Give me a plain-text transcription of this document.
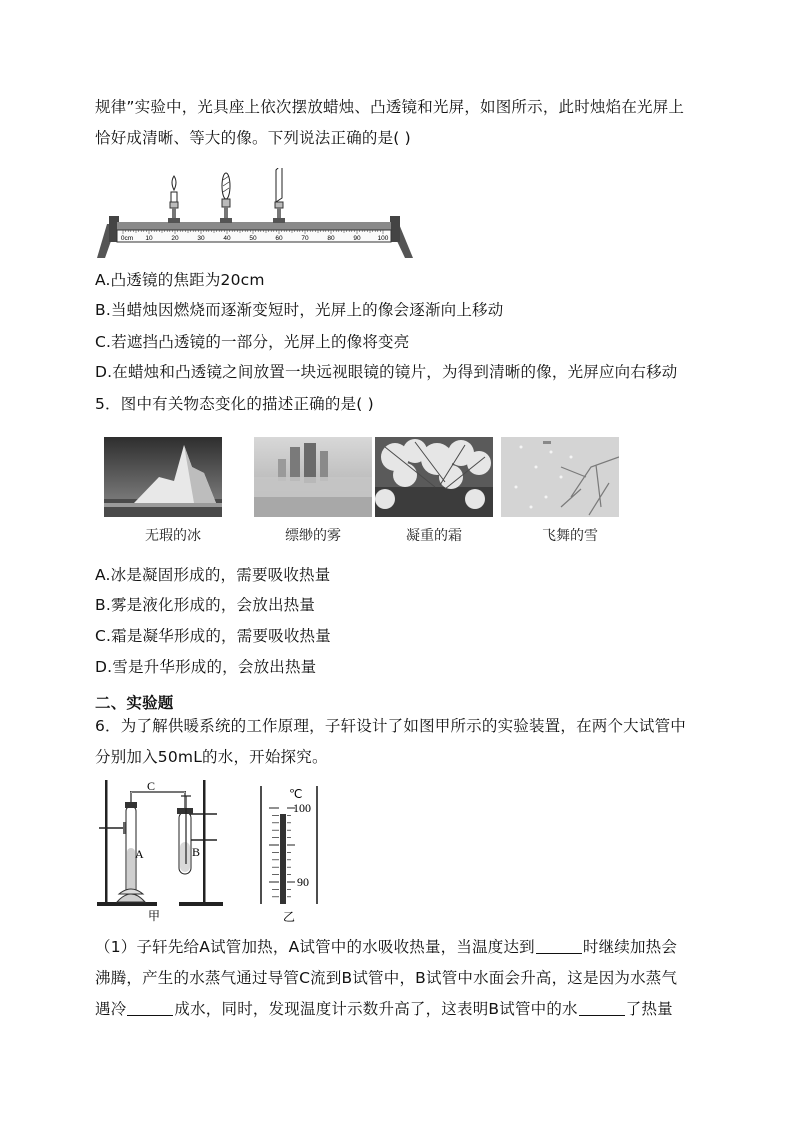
规律”实验中，光具座上依次摆放蜡烛、凸透镜和光屏，如图所示，此时烛焰在光屏上
恰好成清晰、等大的像。下列说法正确的是( )
0cm 10	20	30	40	50	60	70	80	90	100
A.凸透镜的焦距为20cm
B.当蜡烛因燃烧而逐渐变短时，光屏上的像会逐渐向上移动
C.若遮挡凸透镜的一部分，光屏上的像将变亮
D.在蜡烛和凸透镜之间放置一块远视眼镜的镜片，为得到清晰的像，光屏应向右移动
5．图中有关物态变化的描述正确的是( )
无瑕的冰	缥缈的雾	凝重的霜	飞舞的雪
A.冰是凝固形成的，需要吸收热量
B.雾是液化形成的，会放出热量
C.霜是凝华形成的，需要吸收热量
D.雪是升华形成的，会放出热量
二、实验题
6．为了解供暖系统的工作原理，子轩设计了如图甲所示的实验装置，在两个大试管中
分别加入50mL的水，开始探究。
C
A	B
甲
℃
100
90
乙
（1）子轩先给A试管加热，A试管中的水吸收热量，当温度达到	时继续加热会
沸腾，产生的水蒸气通过导管C流到B试管中，B试管中水面会升高，这是因为水蒸气
遇冷	成水，同时，发现温度计示数升高了，这表明B试管中的水	了热量
